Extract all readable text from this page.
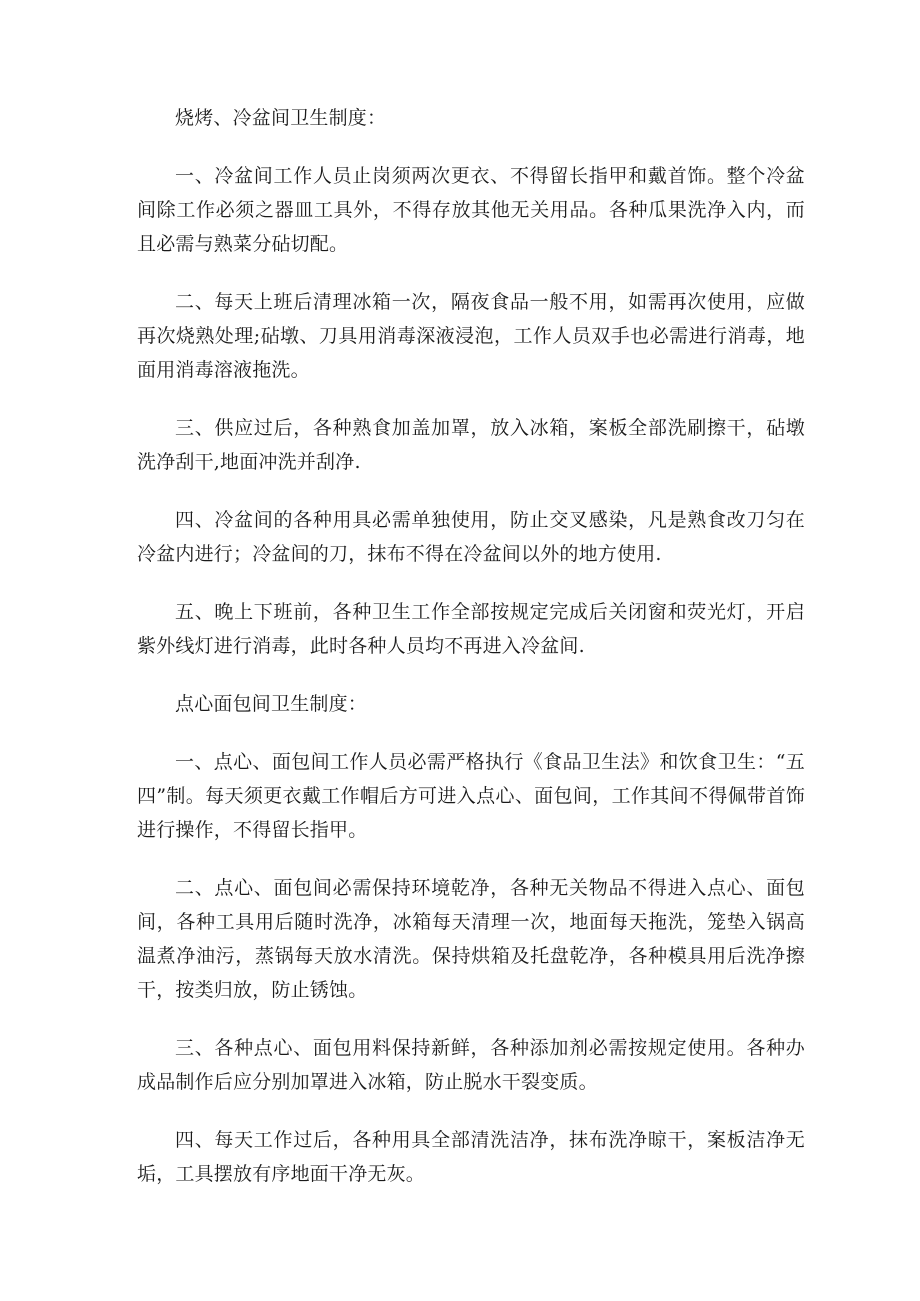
烧烤、冷盆间卫生制度：

一、冷盆间工作人员止岗须两次更衣、不得留长指甲和戴首饰。整个冷盆间除工作必须之器皿工具外，不得存放其他无关用品。各种瓜果洗净入内，而且必需与熟菜分砧切配。

二、每天上班后清理冰箱一次，隔夜食品一般不用，如需再次使用，应做再次烧熟处理;砧墩、刀具用消毒深液浸泡，工作人员双手也必需进行消毒，地面用消毒溶液拖洗。

三、供应过后，各种熟食加盖加罩，放入冰箱，案板全部洗刷擦干，砧墩洗净刮干,地面冲洗并刮净.

四、冷盆间的各种用具必需单独使用，防止交叉感染，凡是熟食改刀匀在冷盆内进行；冷盆间的刀，抹布不得在冷盆间以外的地方使用.

五、晚上下班前，各种卫生工作全部按规定完成后关闭窗和荧光灯，开启紫外线灯进行消毒，此时各种人员均不再进入冷盆间.

点心面包间卫生制度：

一、点心、面包间工作人员必需严格执行《食品卫生法》和饮食卫生：“五四”制。每天须更衣戴工作帽后方可进入点心、面包间，工作其间不得佩带首饰进行操作，不得留长指甲。

二、点心、面包间必需保持环境乾净，各种无关物品不得进入点心、面包间，各种工具用后随时洗净，冰箱每天清理一次，地面每天拖洗，笼垫入锅高温煮净油污，蒸锅每天放水清洗。保持烘箱及托盘乾净，各种模具用后洗净擦干，按类归放，防止锈蚀。

三、各种点心、面包用料保持新鲜，各种添加剂必需按规定使用。各种办成品制作后应分别加罩进入冰箱，防止脱水干裂变质。

四、每天工作过后，各种用具全部清洗洁净，抹布洗净晾干，案板洁净无垢，工具摆放有序地面干净无灰。
